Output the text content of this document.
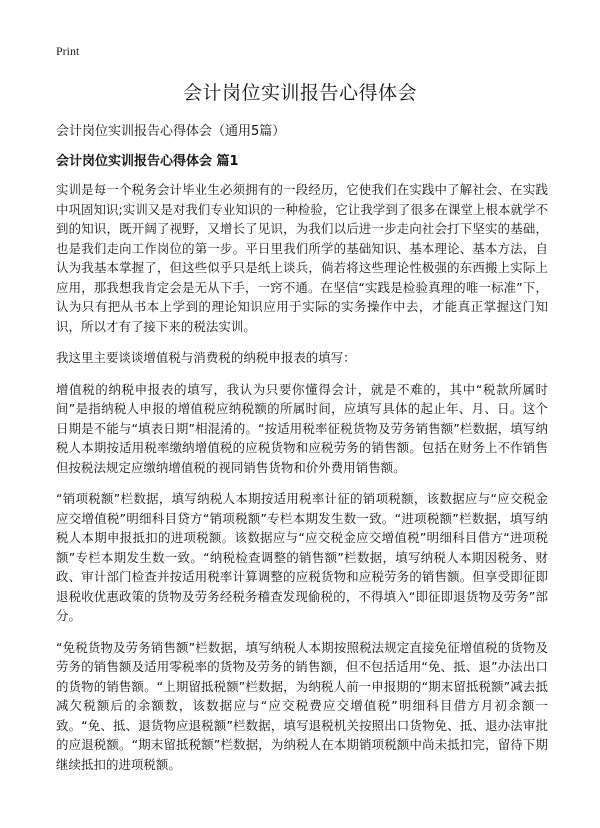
Print
会计岗位实训报告心得体会

会计岗位实训报告心得体会（通用5篇）

会计岗位实训报告心得体会 篇1

实训是每一个税务会计毕业生必须拥有的一段经历，它使我们在实践中了解社会、在实践中巩固知识;实训又是对我们专业知识的一种检验，它让我学到了很多在课堂上根本就学不到的知识，既开阔了视野，又增长了见识，为我们以后进一步走向社会打下坚实的基础，也是我们走向工作岗位的第一步。平日里我们所学的基础知识、基本理论、基本方法，自认为我基本掌握了，但这些似乎只是纸上谈兵，倘若将这些理论性极强的东西搬上实际上应用，那我想我肯定会是无从下手，一窍不通。在坚信“实践是检验真理的唯一标准”下，认为只有把从书本上学到的理论知识应用于实际的实务操作中去，才能真正掌握这门知识，所以才有了接下来的税法实训。

我这里主要谈谈增值税与消费税的纳税申报表的填写：

增值税的纳税申报表的填写，我认为只要你懂得会计，就是不难的，其中“税款所属时间”是指纳税人申报的增值税应纳税额的所属时间，应填写具体的起止年、月、日。这个日期是不能与“填表日期”相混淆的。“按适用税率征税货物及劳务销售额”栏数据，填写纳税人本期按适用税率缴纳增值税的应税货物和应税劳务的销售额。包括在财务上不作销售但按税法规定应缴纳增值税的视同销售货物和价外费用销售额。

“销项税额”栏数据，填写纳税人本期按适用税率计征的销项税额，该数据应与“应交税金应交增值税”明细科目贷方“销项税额”专栏本期发生数一致。“进项税额”栏数据，填写纳税人本期申报抵扣的进项税额。该数据应与“应交税金应交增值税”明细科目借方“进项税额”专栏本期发生数一致。“纳税检查调整的销售额”栏数据，填写纳税人本期因税务、财政、审计部门检查并按适用税率计算调整的应税货物和应税劳务的销售额。但享受即征即退税收优惠政策的货物及劳务经税务稽查发现偷税的，不得填入“即征即退货物及劳务”部分。

“免税货物及劳务销售额”栏数据，填写纳税人本期按照税法规定直接免征增值税的货物及劳务的销售额及适用零税率的货物及劳务的销售额，但不包括适用“免、抵、退”办法出口的货物的销售额。“上期留抵税额”栏数据，为纳税人前一申报期的“期末留抵税额”减去抵减欠税额后的余额数，该数据应与“应交税费应交增值税”明细科目借方月初余额一致。“免、抵、退货物应退税额”栏数据，填写退税机关按照出口货物免、抵、退办法审批的应退税额。“期末留抵税额”栏数据，为纳税人在本期销项税额中尚未抵扣完，留待下期继续抵扣的进项税额。
